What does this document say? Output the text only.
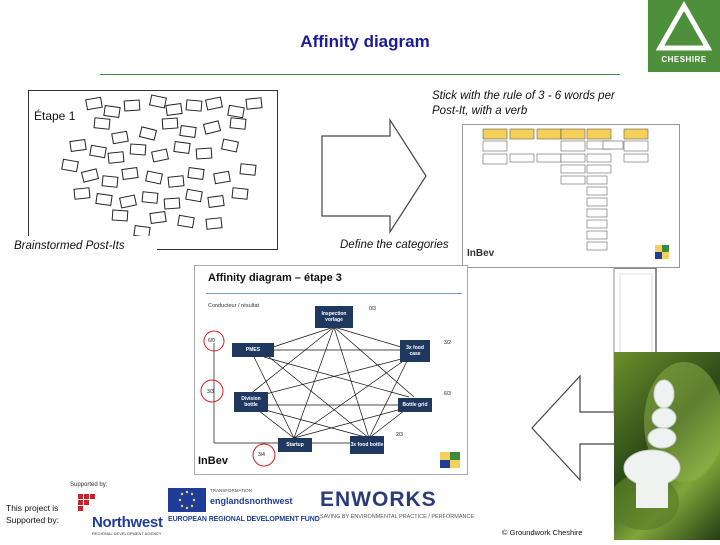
Affinity diagram
CHESHIRE
Étape 1
Brainstormed Post-Its
Stick with the rule of 3 - 6 words per Post-It, with a verb
InBev
Define the categories
Affinity diagram – étape 3
Conducteur / résultat
Inspection vorlage
PMES	3x food case
Division bottle	Bottle grid
Startup	3x food bottle
0/3
6/0	3/2
3/3	6/3
2/3
3/4
InBev
Supported by:
This project is Supported by:	Northwest
REGIONAL DEVELOPMENT AGENCY
TRANSFORMATION
englandsnorthwest
EUROPEAN REGIONAL DEVELOPMENT FUND
ENWORKS
SAVING BY ENVIRONMENTAL PRACTICE / PERFORMANCE
© Groundwork Cheshire
